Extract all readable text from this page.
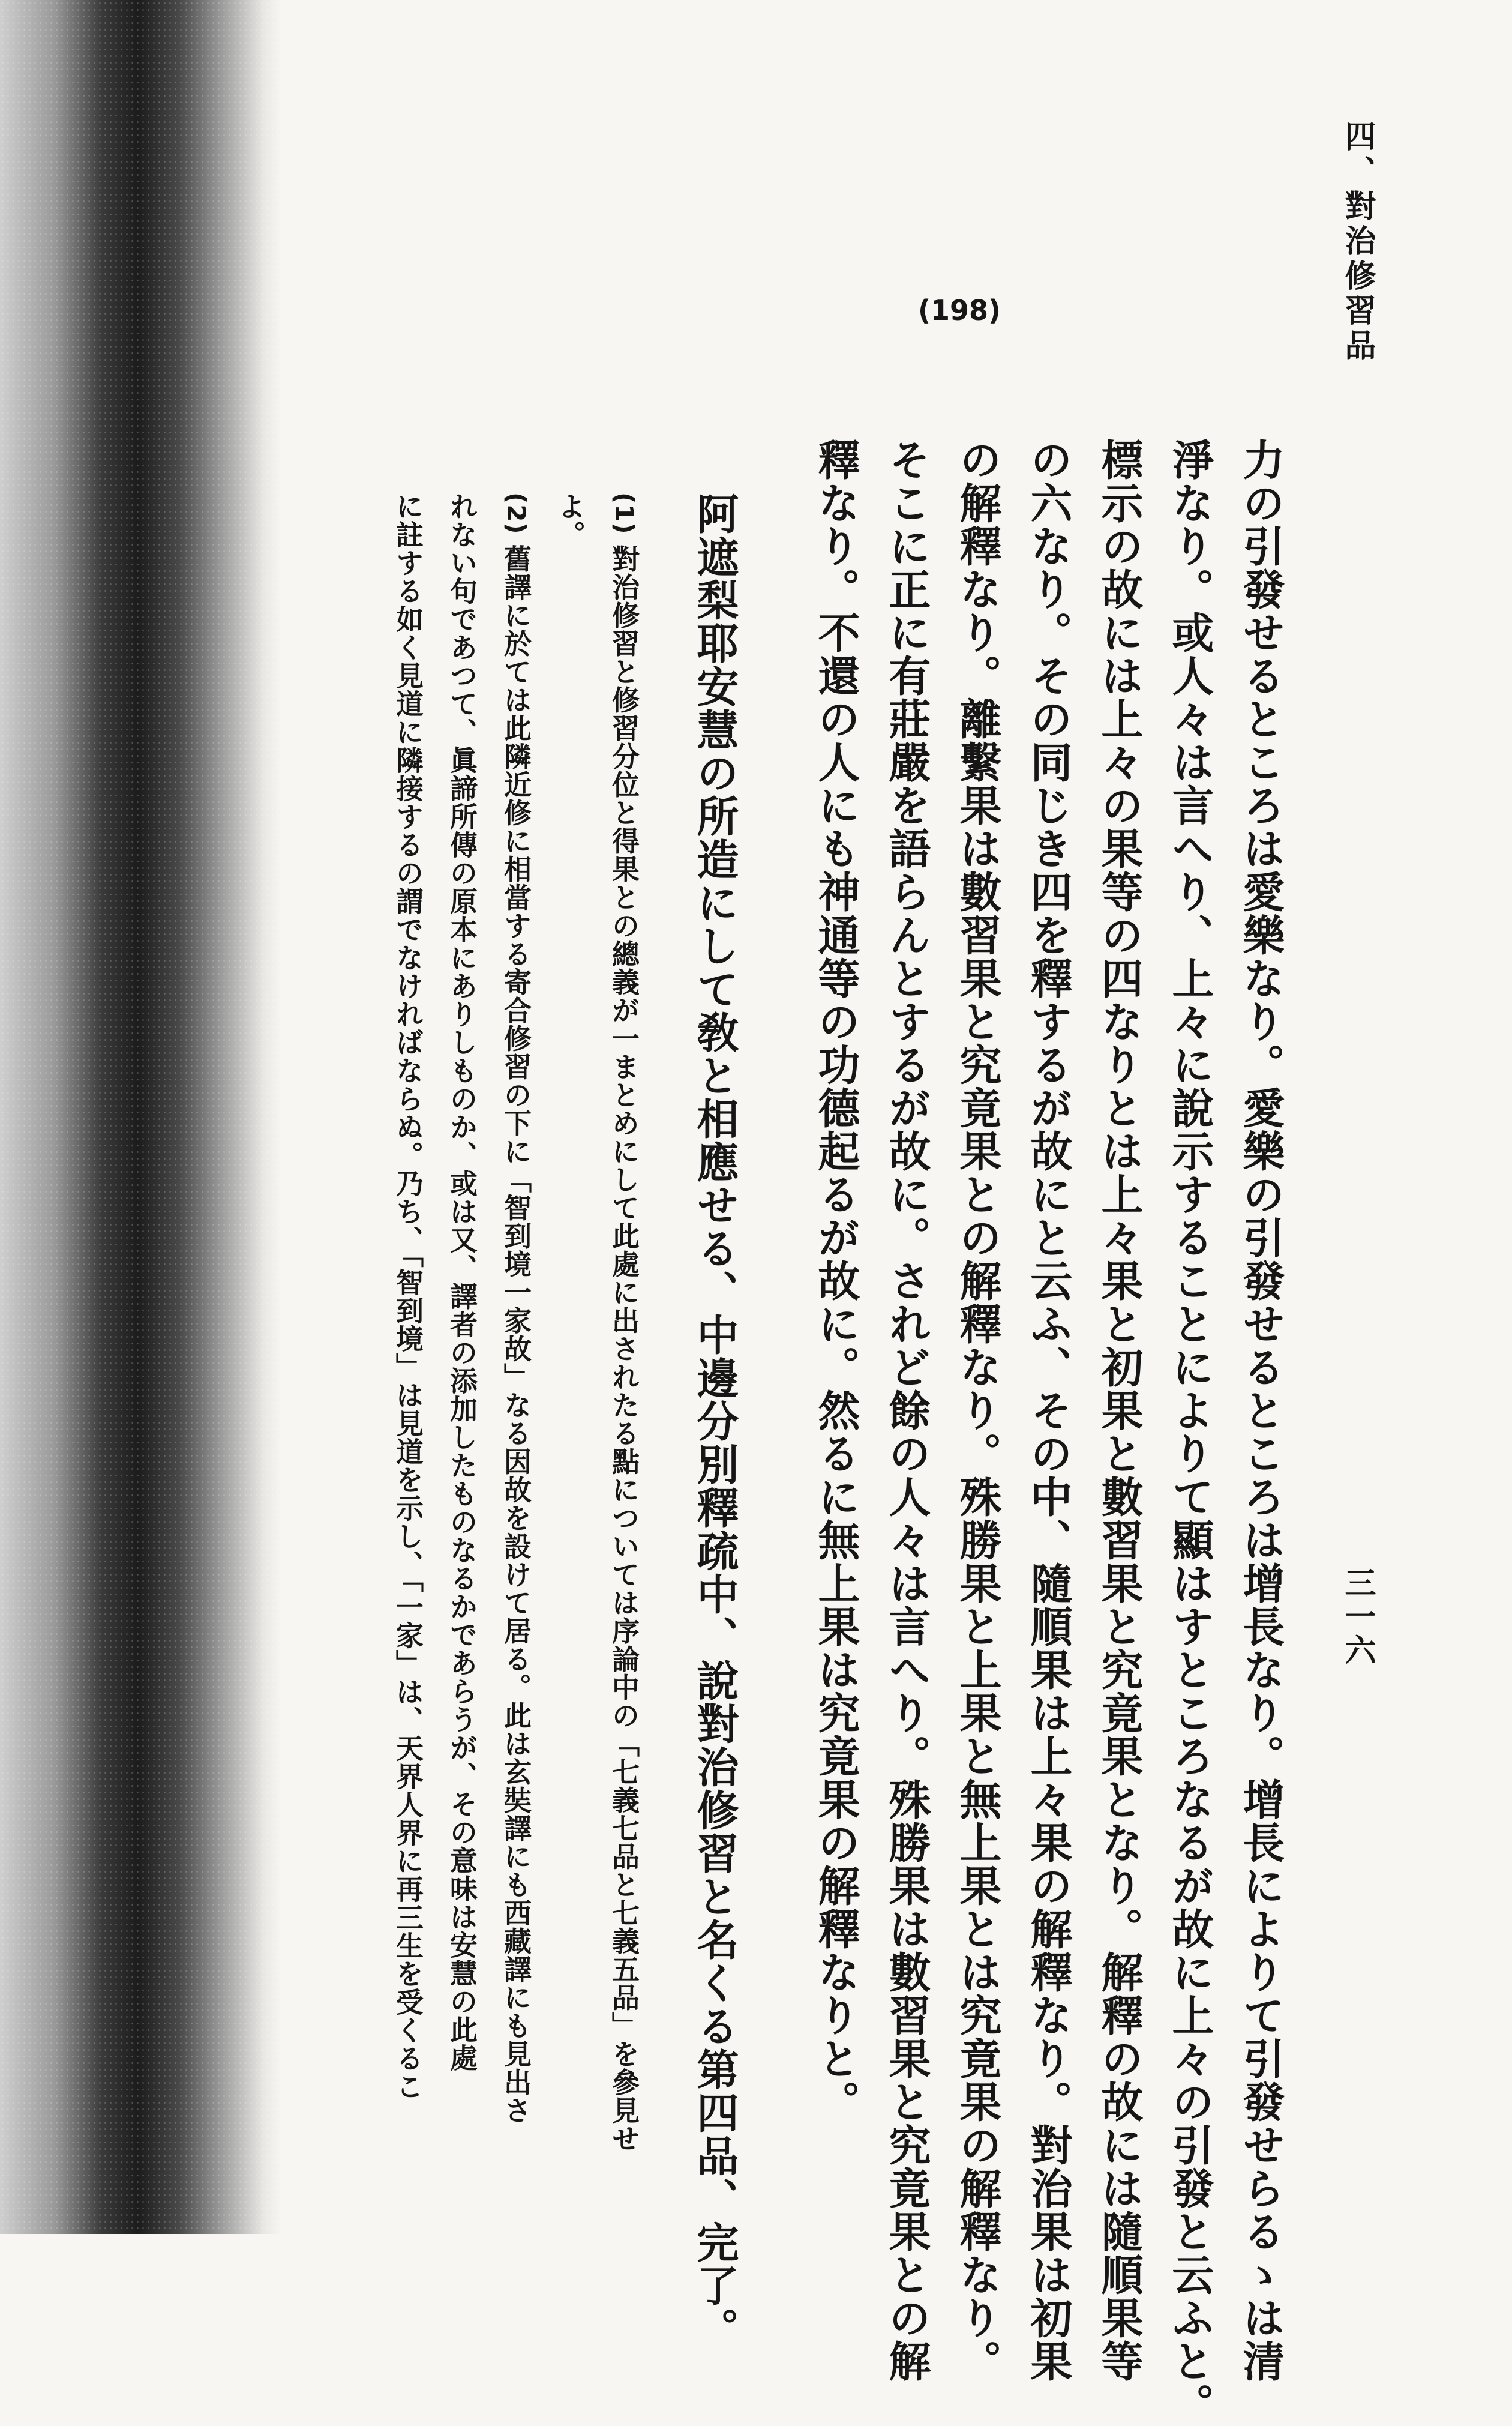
四、對治修習品
三一六
(198)
力の引發せるところは愛樂なり。愛樂の引發せるところは增長なり。增長によりて引發せらるゝは清
淨なり。或人々は言へり、上々に說示することによりて顯はすところなるが故に上々の引發と云ふと。
標示の故には上々の果等の四なりとは上々果と初果と數習果と究竟果となり。解釋の故には隨順果等
の六なり。その同じき四を釋するが故にと云ふ、その中、隨順果は上々果の解釋なり。對治果は初果
の解釋なり。離繫果は數習果と究竟果との解釋なり。殊勝果と上果と無上果とは究竟果の解釋なり。
そこに正に有莊嚴を語らんとするが故に。されど餘の人々は言へり。殊勝果は數習果と究竟果との解
釋なり。不還の人にも神通等の功德起るが故に。然るに無上果は究竟果の解釋なりと。
阿遮梨耶安慧の所造にして敎と相應せる、中邊分別釋疏中、說對治修習と名くる第四品、完了。
(1) 對治修習と修習分位と得果との總義が一まとめにして此處に出されたる點については序論中の「七義七品と七義五品」を參見せ
よ。
(2) 舊譯に於ては此隣近修に相當する寄合修習の下に「智到境一家故」なる因故を設けて居る。此は玄奘譯にも西藏譯にも見出さ
れない句であつて、眞諦所傳の原本にありしものか、或は又、譯者の添加したものなるかであらうが、その意味は安慧の此處
に註する如く見道に隣接するの謂でなければならぬ。乃ち、「智到境」は見道を示し、「一家」は、天界人界に再三生を受くるこ
